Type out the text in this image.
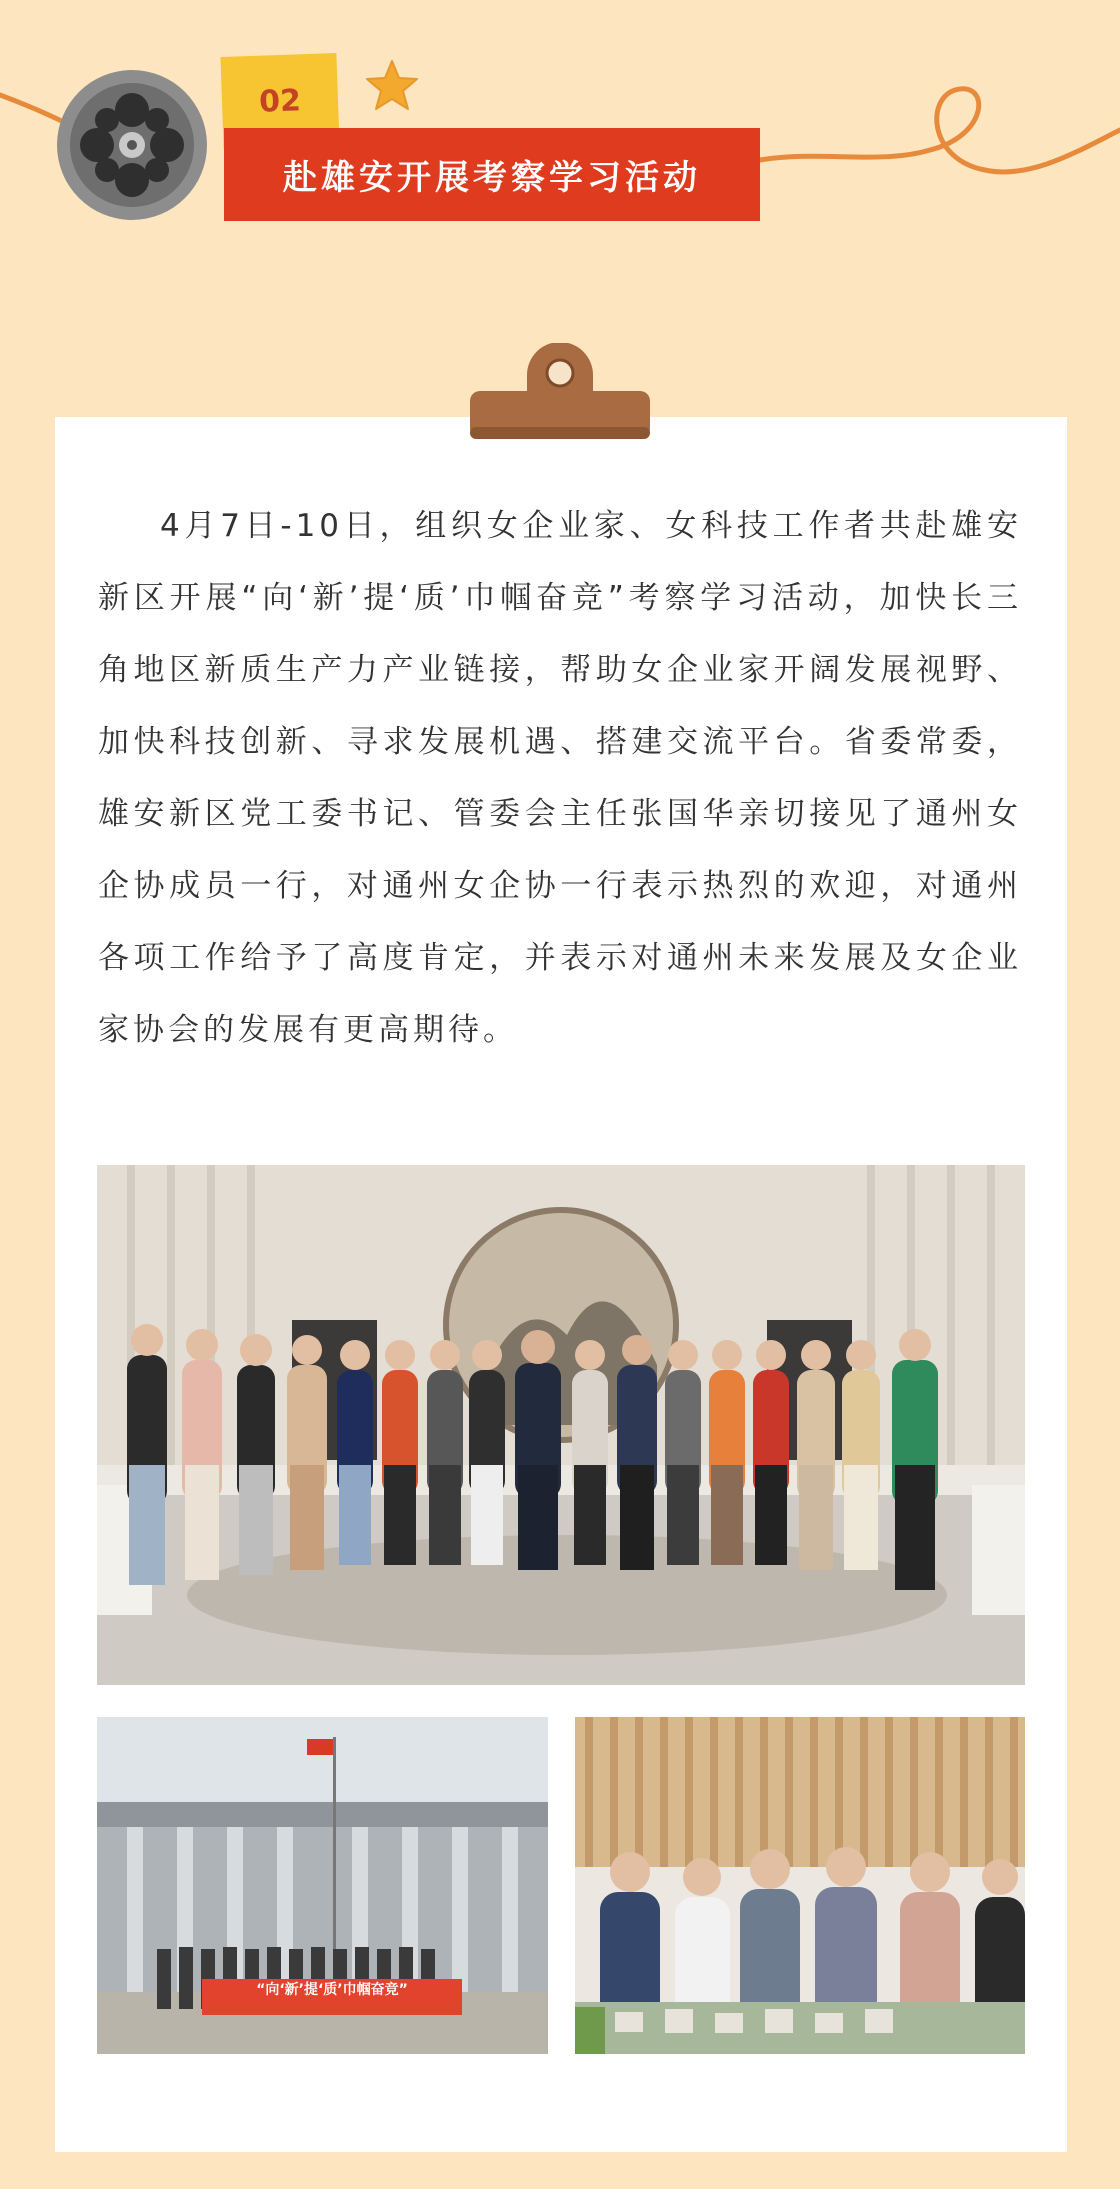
02
赴雄安开展考察学习活动
4月7日-10日，组织女企业家、女科技工作者共赴雄安新区开展“向‘新’提‘质’巾帼奋竞”考察学习活动，加快长三角地区新质生产力产业链接，帮助女企业家开阔发展视野、加快科技创新、寻求发展机遇、搭建交流平台。省委常委，雄安新区党工委书记、管委会主任张国华亲切接见了通州女企协成员一行，对通州女企协一行表示热烈的欢迎，对通州各项工作给予了高度肯定，并表示对通州未来发展及女企业家协会的发展有更高期待。
“向‘新’提‘质’巾帼奋竞”
